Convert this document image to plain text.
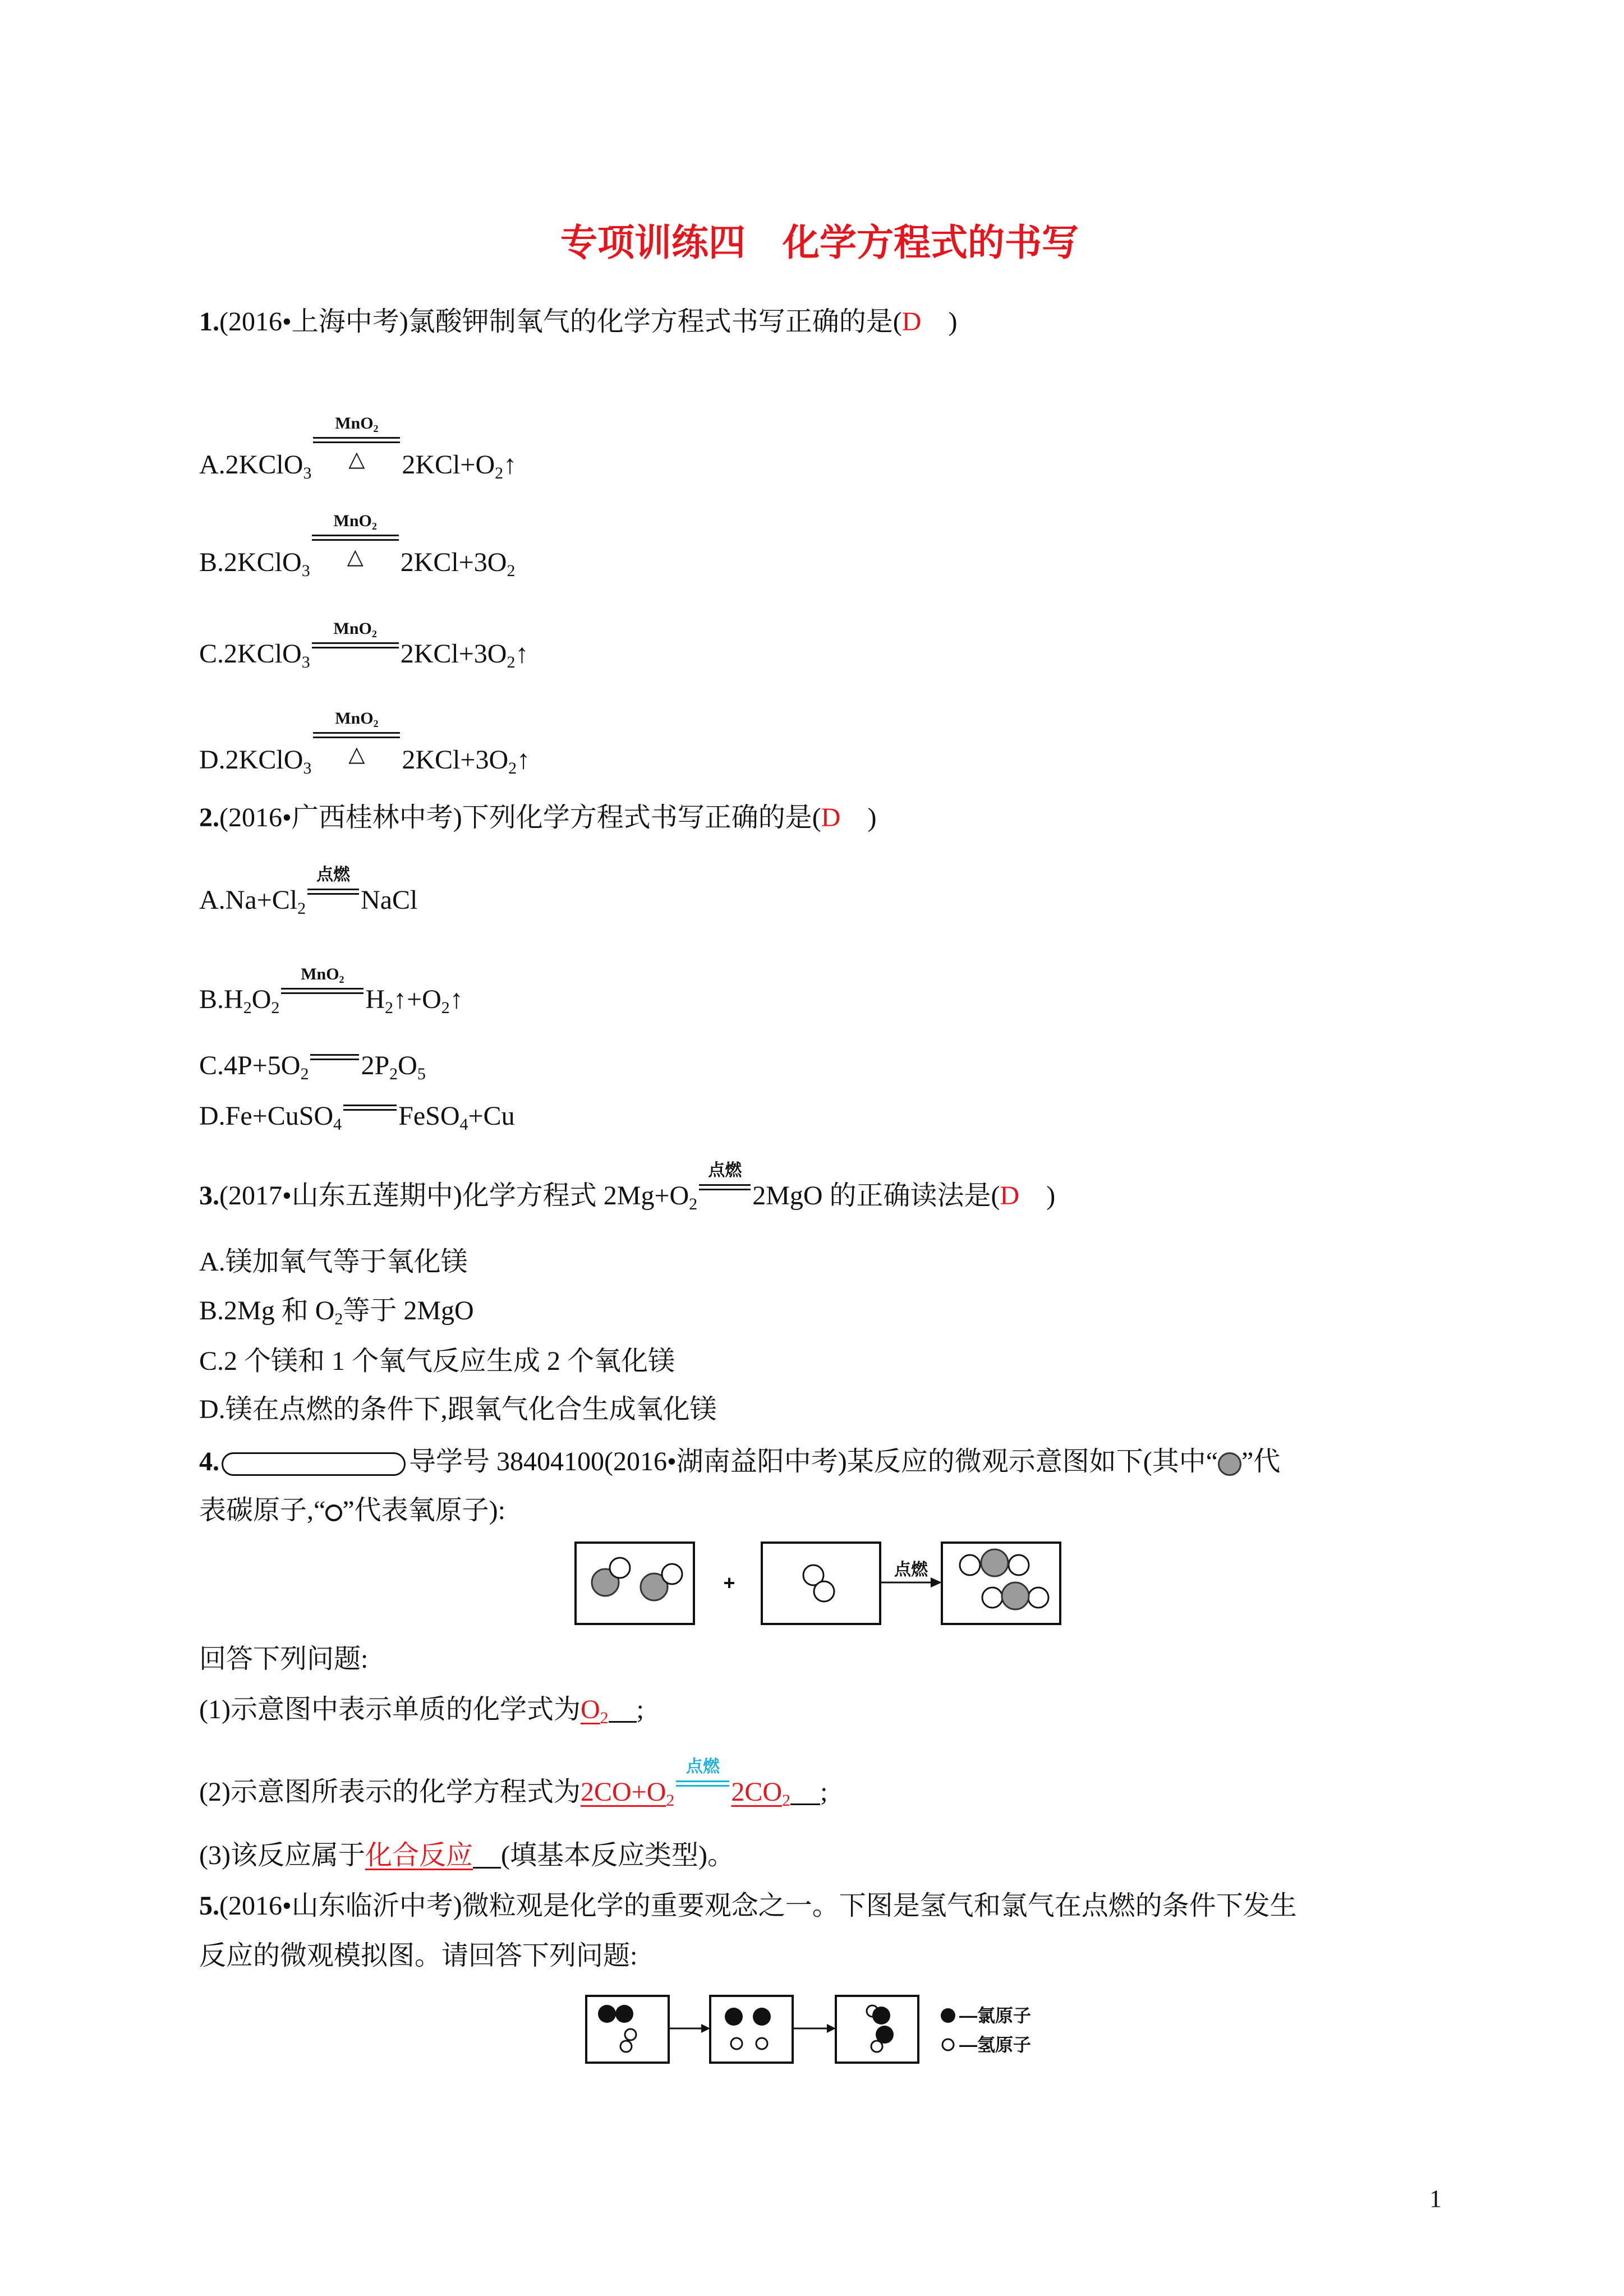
专项训练四　化学方程式的书写
1.(2016•上海中考)氯酸钾制氧气的化学方程式书写正确的是(D　)
A.2KClO$_3$
MnO₂
△	$2KCl+O_2↑$
B.2KClO$_3$
MnO₂
△	$2KCl+3O_2$
C.2KClO$_3$
MnO₂
$2KCl+3O_2↑$
D.2KClO$_3$
MnO₂
△	$2KCl+3O_2↑$
2.(2016•广西桂林中考)下列化学方程式书写正确的是(D　)
$A.Na+Cl_2$
点燃
NaCl
$B.H_2O_2$
MnO₂
$H_2↑+O_2↑$
$C.4P+5O_2$ $2P_2O_5$
D.Fe+CuSO$_4$ FeSO$_4$+Cu
3.(2017•山东五莲期中)化学方程式 $2Mg+O_2$
点燃
2MgO 的正确读法是(D　)
A.镁加氧气等于氧化镁
B.2Mg 和 $O_2$等于 2MgO
C.2 个镁和 1 个氧气反应生成 2 个氧化镁
D.镁在点燃的条件下,跟氧气化合生成氧化镁
4.	导学号 38404100(2016•湖南益阳中考)某反应的微观示意图如下(其中“ ”代
表碳原子,“ ”代表氧原子):
+
点燃
回答下列问题:
(1)示意图中表示单质的化学式为$O_2$ ;
(2)示意图所表示的化学方程式为$2CO+O_2$
点燃
$2CO_2$ ;
(3)该反应属于化合反应 (填基本反应类型)。
5.(2016•山东临沂中考)微粒观是化学的重要观念之一。下图是氢气和氯气在点燃的条件下发生
反应的微观模拟图。请回答下列问题:
—氯原子
—氢原子
1
